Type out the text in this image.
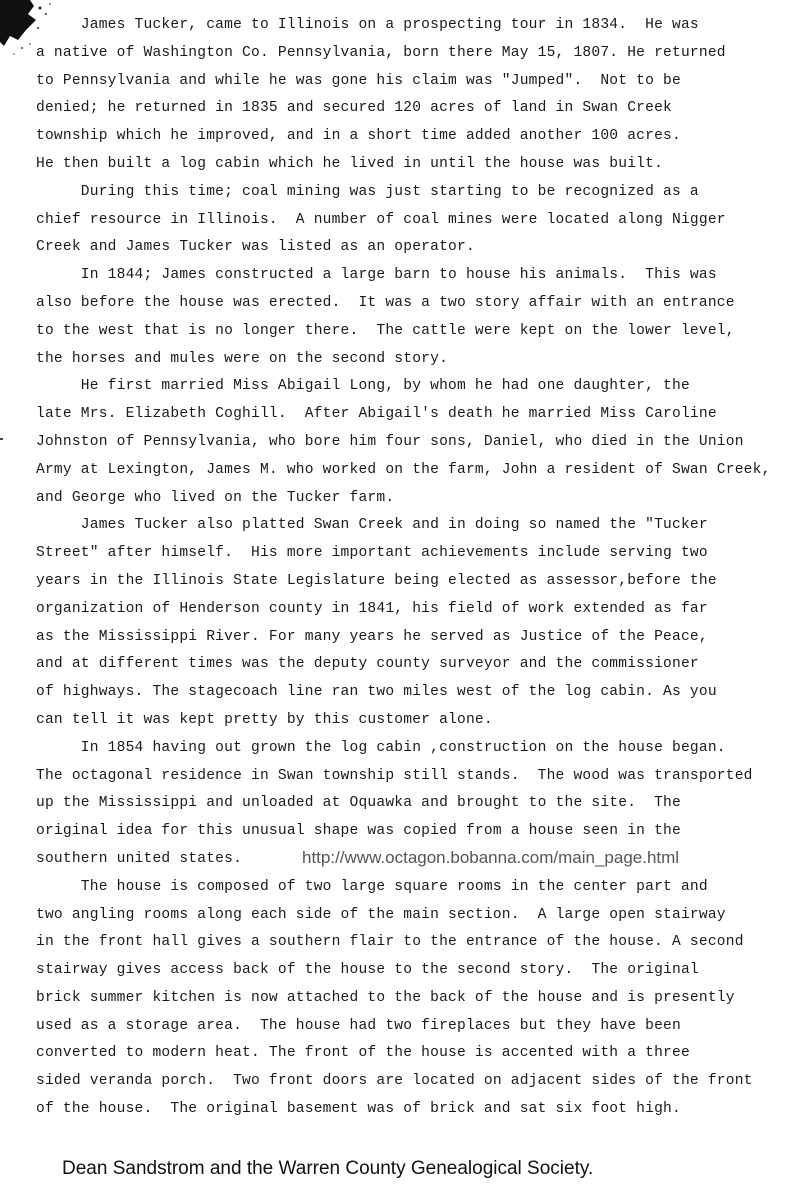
James Tucker, came to Illinois on a prospecting tour in 1834.  He was
a native of Washington Co. Pennsylvania, born there May 15, 1807. He returned
to Pennsylvania and while he was gone his claim was "Jumped".  Not to be
denied; he returned in 1835 and secured 120 acres of land in Swan Creek
township which he improved, and in a short time added another 100 acres.
He then built a log cabin which he lived in until the house was built.
During this time; coal mining was just starting to be recognized as a
chief resource in Illinois.  A number of coal mines were located along Nigger
Creek and James Tucker was listed as an operator.
In 1844; James constructed a large barn to house his animals.  This was
also before the house was erected.  It was a two story affair with an entrance
to the west that is no longer there.  The cattle were kept on the lower level,
the horses and mules were on the second story.
He first married Miss Abigail Long, by whom he had one daughter, the
late Mrs. Elizabeth Coghill.  After Abigail's death he married Miss Caroline
Johnston of Pennsylvania, who bore him four sons, Daniel, who died in the Union
Army at Lexington, James M. who worked on the farm, John a resident of Swan Creek,
and George who lived on the Tucker farm.
James Tucker also platted Swan Creek and in doing so named the "Tucker
Street" after himself.  His more important achievements include serving two
years in the Illinois State Legislature being elected as assessor,before the
organization of Henderson county in 1841, his field of work extended as far
as the Mississippi River. For many years he served as Justice of the Peace,
and at different times was the deputy county surveyor and the commissioner
of highways. The stagecoach line ran two miles west of the log cabin. As you
can tell it was kept pretty by this customer alone.
In 1854 having out grown the log cabin ,construction on the house began.
The octagonal residence in Swan township still stands.  The wood was transported
up the Mississippi and unloaded at Oquawka and brought to the site.  The
original idea for this unusual shape was copied from a house seen in the
southern united states.	http://www.octagon.bobanna.com/main_page.html
The house is composed of two large square rooms in the center part and
two angling rooms along each side of the main section.  A large open stairway
in the front hall gives a southern flair to the entrance of the house. A second
stairway gives access back of the house to the second story.  The original
brick summer kitchen is now attached to the back of the house and is presently
used as a storage area.  The house had two fireplaces but they have been
converted to modern heat. The front of the house is accented with a three
sided veranda porch.  Two front doors are located on adjacent sides of the front
of the house.  The original basement was of brick and sat six foot high.
Dean Sandstrom and the Warren County Genealogical Society.
